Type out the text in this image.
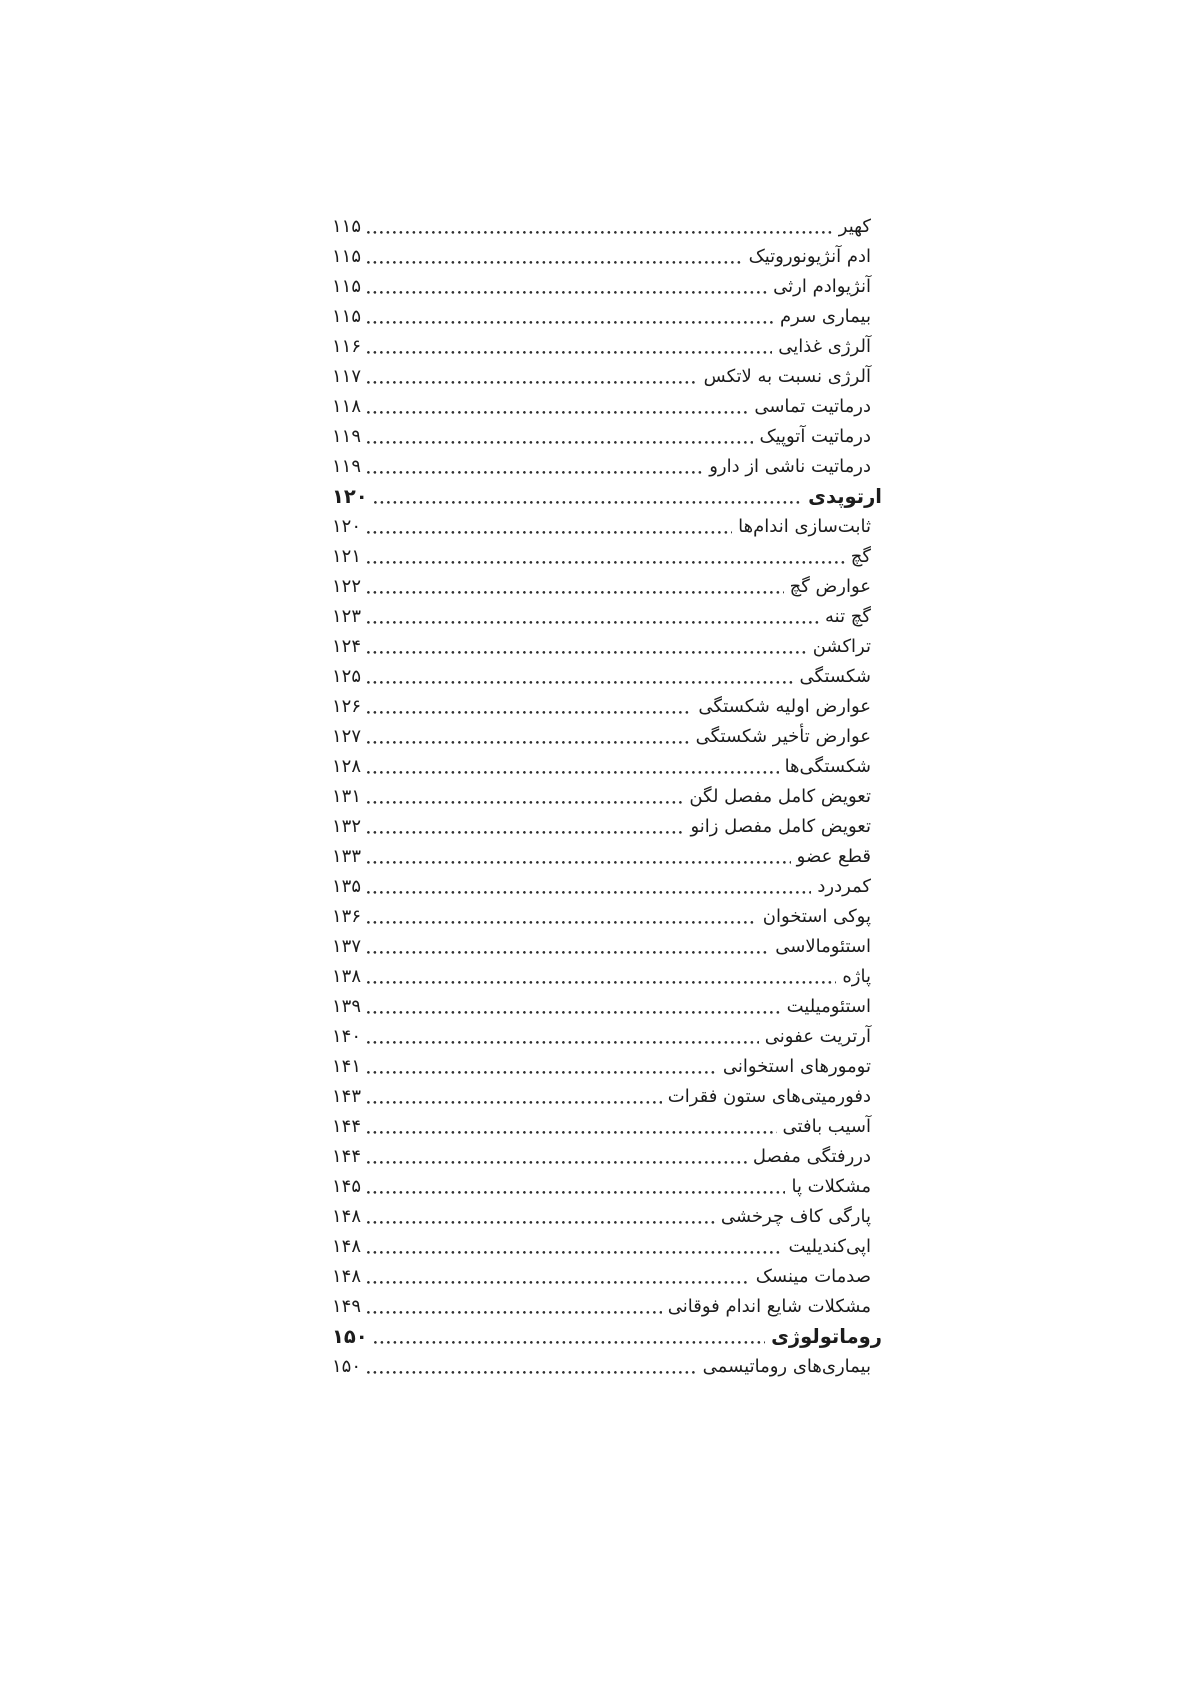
کهیر
۱۱۵
ادم آنژیونوروتیک
۱۱۵
آنژیوادم ارثی
۱۱۵
بیماری سرم
۱۱۵
آلرژی غذایی
۱۱۶
آلرژی نسبت به لاتکس
۱۱۷
درماتیت تماسی
۱۱۸
درماتیت آتوپیک
۱۱۹
درماتیت ناشی از دارو
۱۱۹
ارتوپدی
۱۲۰
ثابت‌سازی اندام‌ها
۱۲۰
گچ
۱۲۱
عوارض گچ
۱۲۲
گچ تنه
۱۲۳
تراکشن
۱۲۴
شکستگی
۱۲۵
عوارض اولیه شکستگی
۱۲۶
عوارض تأخیر شکستگی
۱۲۷
شکستگی‌ها
۱۲۸
تعویض کامل مفصل لگن
۱۳۱
تعویض کامل مفصل زانو
۱۳۲
قطع عضو
۱۳۳
کمردرد
۱۳۵
پوکی استخوان
۱۳۶
استئومالاسی
۱۳۷
پاژه
۱۳۸
استئومیلیت
۱۳۹
آرتریت عفونی
۱۴۰
تومورهای استخوانی
۱۴۱
دفورمیتی‌های ستون فقرات
۱۴۳
آسیب بافتی
۱۴۴
دررفتگی مفصل
۱۴۴
مشکلات پا
۱۴۵
پارگی کاف چرخشی
۱۴۸
اپی‌کندیلیت
۱۴۸
صدمات مینسک
۱۴۸
مشکلات شایع اندام فوقانی
۱۴۹
روماتولوژی
۱۵۰
بیماری‌های روماتیسمی
۱۵۰
